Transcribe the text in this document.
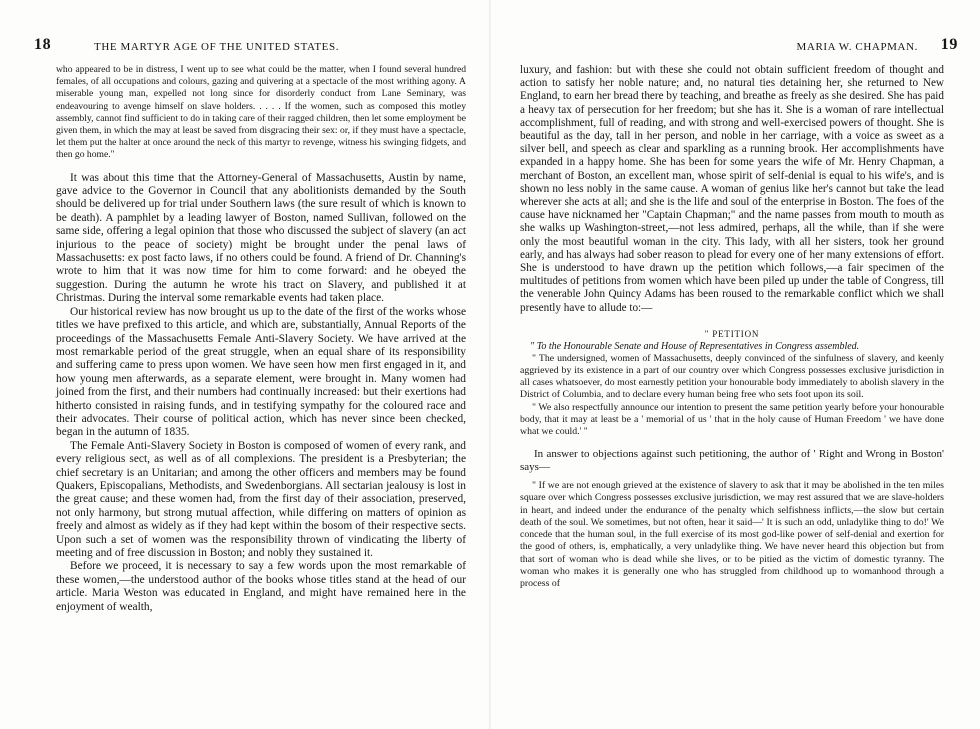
18	THE MARTYR AGE OF THE UNITED STATES.

who appeared to be in distress, I went up to see what could be the matter, when I found several hundred females, of all occupations and colours, gazing and quivering at a spectacle of the most writhing agony. A miserable young man, expelled not long since for disorderly conduct from Lane Seminary, was endeavouring to avenge himself on slave holders. . . . . If the women, such as composed this motley assembly, cannot find sufficient to do in taking care of their ragged children, then let some employment be given them, in which the may at least be saved from disgracing their sex: or, if they must have a spectacle, let them put the halter at once around the neck of this martyr to revenge, witness his swinging fidgets, and then go home."

It was about this time that the Attorney-General of Massachusetts, Austin by name, gave advice to the Governor in Council that any abolitionists demanded by the South should be delivered up for trial under Southern laws (the sure result of which is known to be death). A pamphlet by a leading lawyer of Boston, named Sullivan, followed on the same side, offering a legal opinion that those who discussed the subject of slavery (an act injurious to the peace of society) might be brought under the penal laws of Massachusetts: ex post facto laws, if no others could be found. A friend of Dr. Channing's wrote to him that it was now time for him to come forward: and he obeyed the suggestion. During the autumn he wrote his tract on Slavery, and published it at Christmas. During the interval some remarkable events had taken place.

Our historical review has now brought us up to the date of the first of the works whose titles we have prefixed to this article, and which are, substantially, Annual Reports of the proceedings of the Massachusetts Female Anti-Slavery Society. We have arrived at the most remarkable period of the great struggle, when an equal share of its responsibility and suffering came to press upon women. We have seen how men first engaged in it, and how young men afterwards, as a separate element, were brought in. Many women had joined from the first, and their numbers had continually increased: but their exertions had hitherto consisted in raising funds, and in testifying sympathy for the coloured race and their advocates. Their course of political action, which has never since been checked, began in the autumn of 1835.

The Female Anti-Slavery Society in Boston is composed of women of every rank, and every religious sect, as well as of all complexions. The president is a Presbyterian; the chief secretary is an Unitarian; and among the other officers and members may be found Quakers, Episcopalians, Methodists, and Swedenborgians. All sectarian jealousy is lost in the great cause; and these women had, from the first day of their association, preserved, not only harmony, but strong mutual affection, while differing on matters of opinion as freely and almost as widely as if they had kept within the bosom of their respective sects. Upon such a set of women was the responsibility thrown of vindicating the liberty of meeting and of free discussion in Boston; and nobly they sustained it.

Before we proceed, it is necessary to say a few words upon the most remarkable of these women,—the understood author of the books whose titles stand at the head of our article. Maria Weston was educated in England, and might have remained here in the enjoyment of wealth,

MARIA W. CHAPMAN. 19

luxury, and fashion: but with these she could not obtain sufficient freedom of thought and action to satisfy her noble nature; and, no natural ties detaining her, she returned to New England, to earn her bread there by teaching, and breathe as freely as she desired. She has paid a heavy tax of persecution for her freedom; but she has it. She is a woman of rare intellectual accomplishment, full of reading, and with strong and well-exercised powers of thought. She is beautiful as the day, tall in her person, and noble in her carriage, with a voice as sweet as a silver bell, and speech as clear and sparkling as a running brook. Her accomplishments have expanded in a happy home. She has been for some years the wife of Mr. Henry Chapman, a merchant of Boston, an excellent man, whose spirit of self-denial is equal to his wife's, and is shown no less nobly in the same cause. A woman of genius like her's cannot but take the lead wherever she acts at all; and she is the life and soul of the enterprise in Boston. The foes of the cause have nicknamed her "Captain Chapman;" and the name passes from mouth to mouth as she walks up Washington-street,—not less admired, perhaps, all the while, than if she were only the most beautiful woman in the city. This lady, with all her sisters, took her ground early, and has always had sober reason to plead for every one of her many extensions of effort. She is understood to have drawn up the petition which follows,—a fair specimen of the multitudes of petitions from women which have been piled up under the table of Congress, till the venerable John Quincy Adams has been roused to the remarkable conflict which we shall presently have to allude to:—

" PETITION

" To the Honourable Senate and House of Representatives in Congress assembled.

" The undersigned, women of Massachusetts, deeply convinced of the sinfulness of slavery, and keenly aggrieved by its existence in a part of our country over which Congress possesses exclusive jurisdiction in all cases whatsoever, do most earnestly petition your honourable body immediately to abolish slavery in the District of Columbia, and to declare every human being free who sets foot upon its soil.

" We also respectfully announce our intention to present the same petition yearly before your honourable body, that it may at least be a ' memorial of us ' that in the holy cause of Human Freedom ' we have done what we could.' "

In answer to objections against such petitioning, the author of ' Right and Wrong in Boston' says—

" If we are not enough grieved at the existence of slavery to ask that it may be abolished in the ten miles square over which Congress possesses exclusive jurisdiction, we may rest assured that we are slave-holders in heart, and indeed under the endurance of the penalty which selfishness inflicts,—the slow but certain death of the soul. We sometimes, but not often, hear it said—' It is such an odd, unladylike thing to do!' We concede that the human soul, in the full exercise of its most god-like power of self-denial and exertion for the good of others, is, emphatically, a very unladylike thing. We have never heard this objection but from that sort of woman who is dead while she lives, or to be pitied as the victim of domestic tyranny. The woman who makes it is generally one who has struggled from childhood up to womanhood through a process of
